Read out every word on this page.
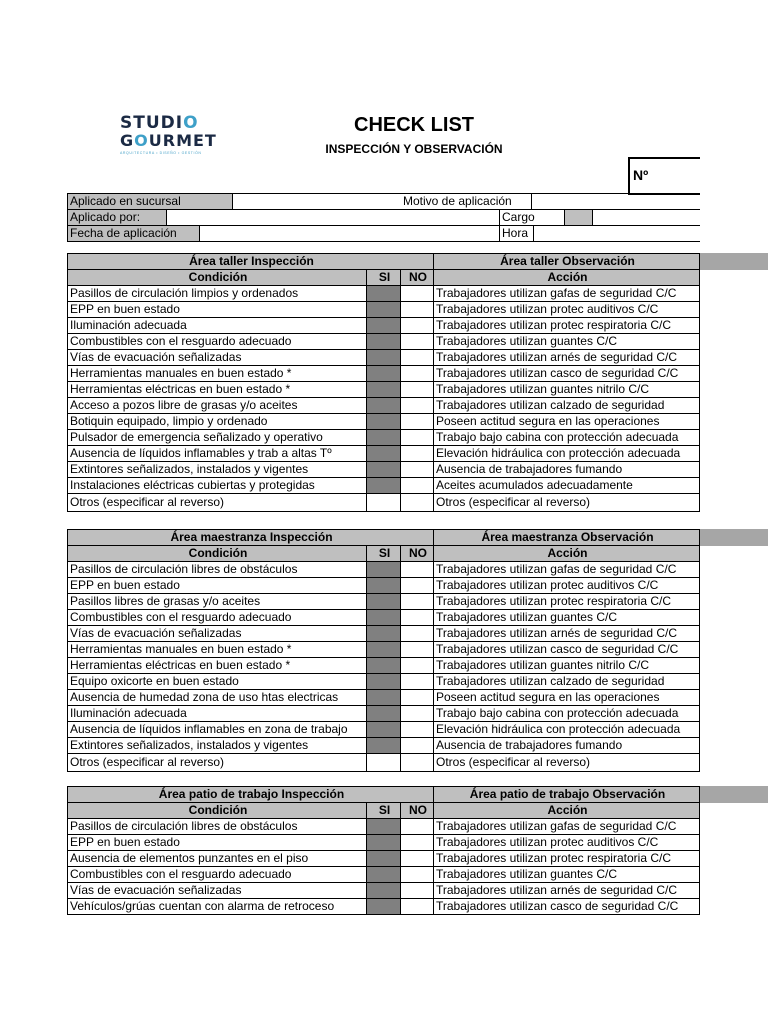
STUDIO
GOURMET
ARQUITECTURA • DISEÑO • GESTIÓN
CHECK LIST
INSPECCIÓN Y OBSERVACIÓN
Nº
Aplicado en sucursal	Motivo de aplicación
Aplicado por:	Cargo
Fecha de aplicación	Hora
Área taller Inspección			Área taller Observación
Condición	SI	NO	Acción
Pasillos de circulación limpios y ordenados			Trabajadores utilizan gafas de seguridad C/C
EPP en buen estado			Trabajadores utilizan protec auditivos C/C
Iluminación adecuada			Trabajadores utilizan protec respiratoria C/C
Combustibles con el resguardo adecuado			Trabajadores utilizan guantes C/C
Vías de evacuación señalizadas			Trabajadores utilizan arnés de seguridad C/C
Herramientas manuales en buen estado *			Trabajadores utilizan casco de seguridad C/C
Herramientas eléctricas en buen estado *			Trabajadores utilizan guantes nitrilo C/C
Acceso a pozos libre de grasas y/o aceites			Trabajadores utilizan calzado de seguridad
Botiquin equipado, limpio y ordenado			Poseen actitud segura en las operaciones
Pulsador de emergencia señalizado y operativo			Trabajo bajo cabina con protección adecuada
Ausencia de líquidos inflamables y trab a altas Tº			Elevación hidráulica con protección adecuada
Extintores señalizados, instalados y vigentes			Ausencia de trabajadores fumando
Instalaciones eléctricas cubiertas y protegidas			Aceites acumulados adecuadamente
Otros (especificar al reverso)			Otros (especificar al reverso)
Área maestranza Inspección			Área maestranza Observación
Condición	SI	NO	Acción
Pasillos de circulación libres de obstáculos			Trabajadores utilizan gafas de seguridad C/C
EPP en buen estado			Trabajadores utilizan protec auditivos C/C
Pasillos libres de grasas y/o aceites			Trabajadores utilizan protec respiratoria C/C
Combustibles con el resguardo adecuado			Trabajadores utilizan guantes C/C
Vías de evacuación señalizadas			Trabajadores utilizan arnés de seguridad C/C
Herramientas manuales en buen estado *			Trabajadores utilizan casco de seguridad C/C
Herramientas eléctricas en buen estado *			Trabajadores utilizan guantes nitrilo C/C
Equipo oxicorte en buen estado			Trabajadores utilizan calzado de seguridad
Ausencia de humedad zona de uso htas electricas			Poseen actitud segura en las operaciones
Iluminación adecuada			Trabajo bajo cabina con protección adecuada
Ausencia de líquidos inflamables en zona de trabajo			Elevación hidráulica con protección adecuada
Extintores señalizados, instalados y vigentes			Ausencia de trabajadores fumando
Otros (especificar al reverso)			Otros (especificar al reverso)
Área patio de trabajo Inspección			Área patio de trabajo Observación
Condición	SI	NO	Acción
Pasillos de circulación libres de obstáculos			Trabajadores utilizan gafas de seguridad C/C
EPP en buen estado			Trabajadores utilizan protec auditivos C/C
Ausencia de elementos punzantes en el piso			Trabajadores utilizan protec respiratoria C/C
Combustibles con el resguardo adecuado			Trabajadores utilizan guantes C/C
Vías de evacuación señalizadas			Trabajadores utilizan arnés de seguridad C/C
Vehículos/grúas cuentan con alarma de retroceso			Trabajadores utilizan casco de seguridad C/C
